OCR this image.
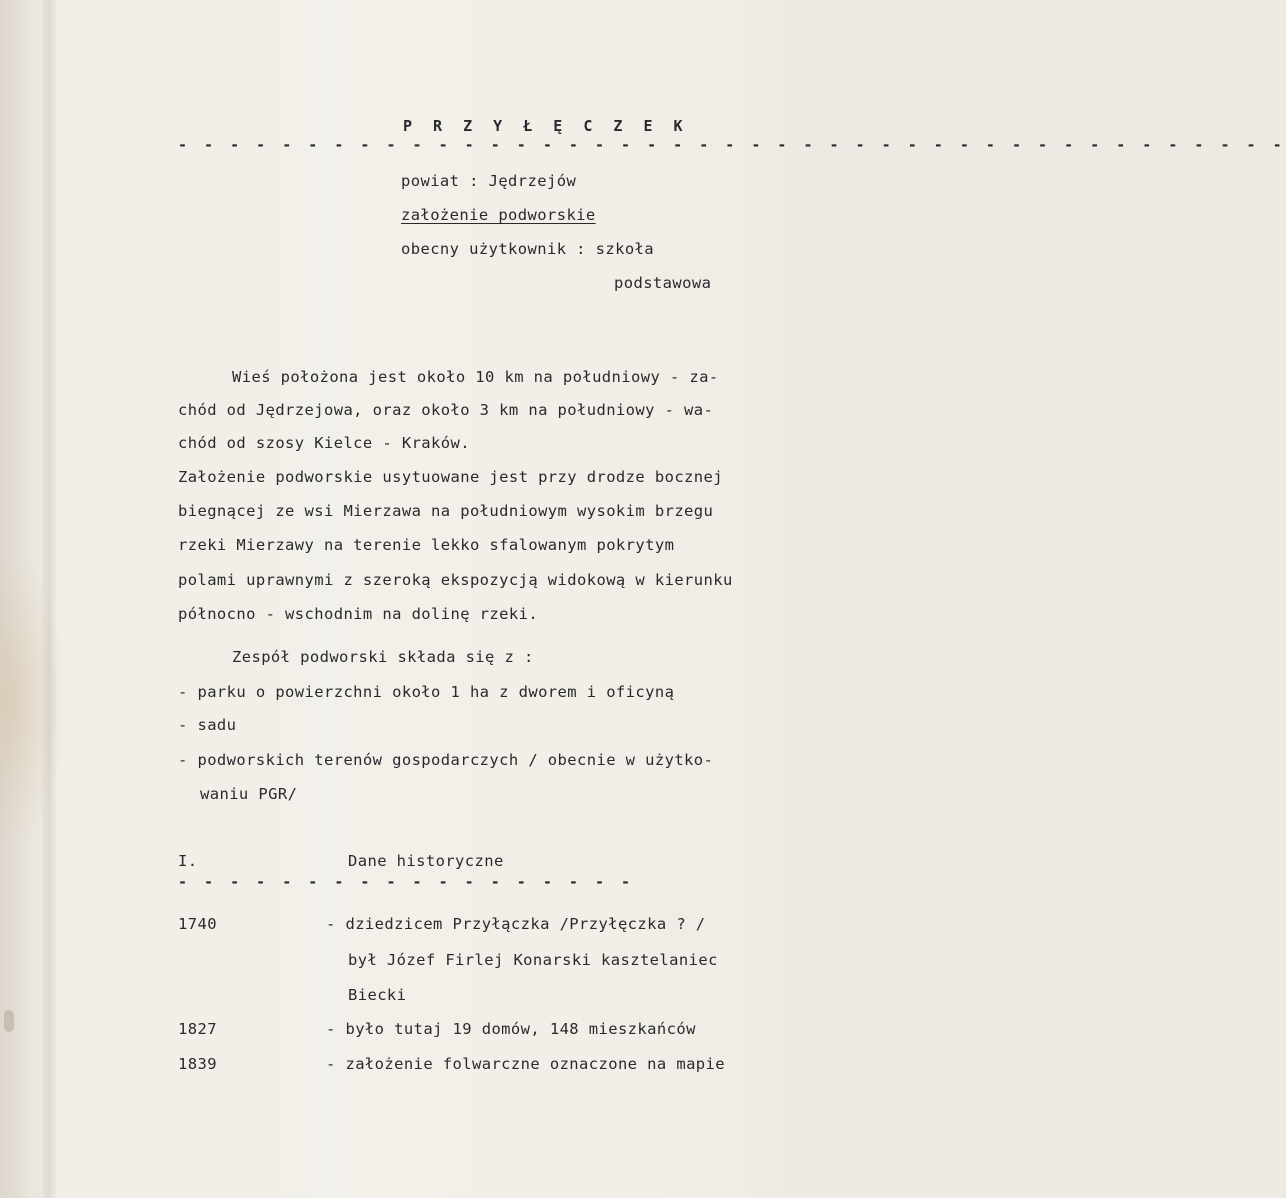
P R Z Y Ł Ę C Z E K
- - - - - - - - - - - - - - - - - - - - - - - - - - - - - - - - - - - - - - - - - - -
powiat : Jędrzejów
założenie podworskie
obecny użytkownik : szkoła
podstawowa
Wieś położona jest około 10 km na południowy - za-
chód od Jędrzejowa, oraz około 3 km na południowy - wa-
chód od szosy Kielce - Kraków.
Założenie podworskie usytuowane jest przy drodze bocznej
biegnącej ze wsi Mierzawa na południowym wysokim brzegu
rzeki Mierzawy na terenie lekko sfalowanym pokrytym
polami uprawnymi z szeroką ekspozycją widokową w kierunku
północno - wschodnim na dolinę rzeki.
Zespół podworski składa się z :
- parku o powierzchni około 1 ha z dworem i oficyną
- sadu
- podworskich terenów gospodarczych / obecnie w użytko-
waniu PGR/
I.	Dane historyczne
- - - - - - - - - - - - - - - - - -
1740	- dziedzicem Przyłączka /Przyłęczka ? /
był Józef Firlej Konarski kasztelaniec
Biecki
1827	- było tutaj 19 domów, 148 mieszkańców
1839	- założenie folwarczne oznaczone na mapie
